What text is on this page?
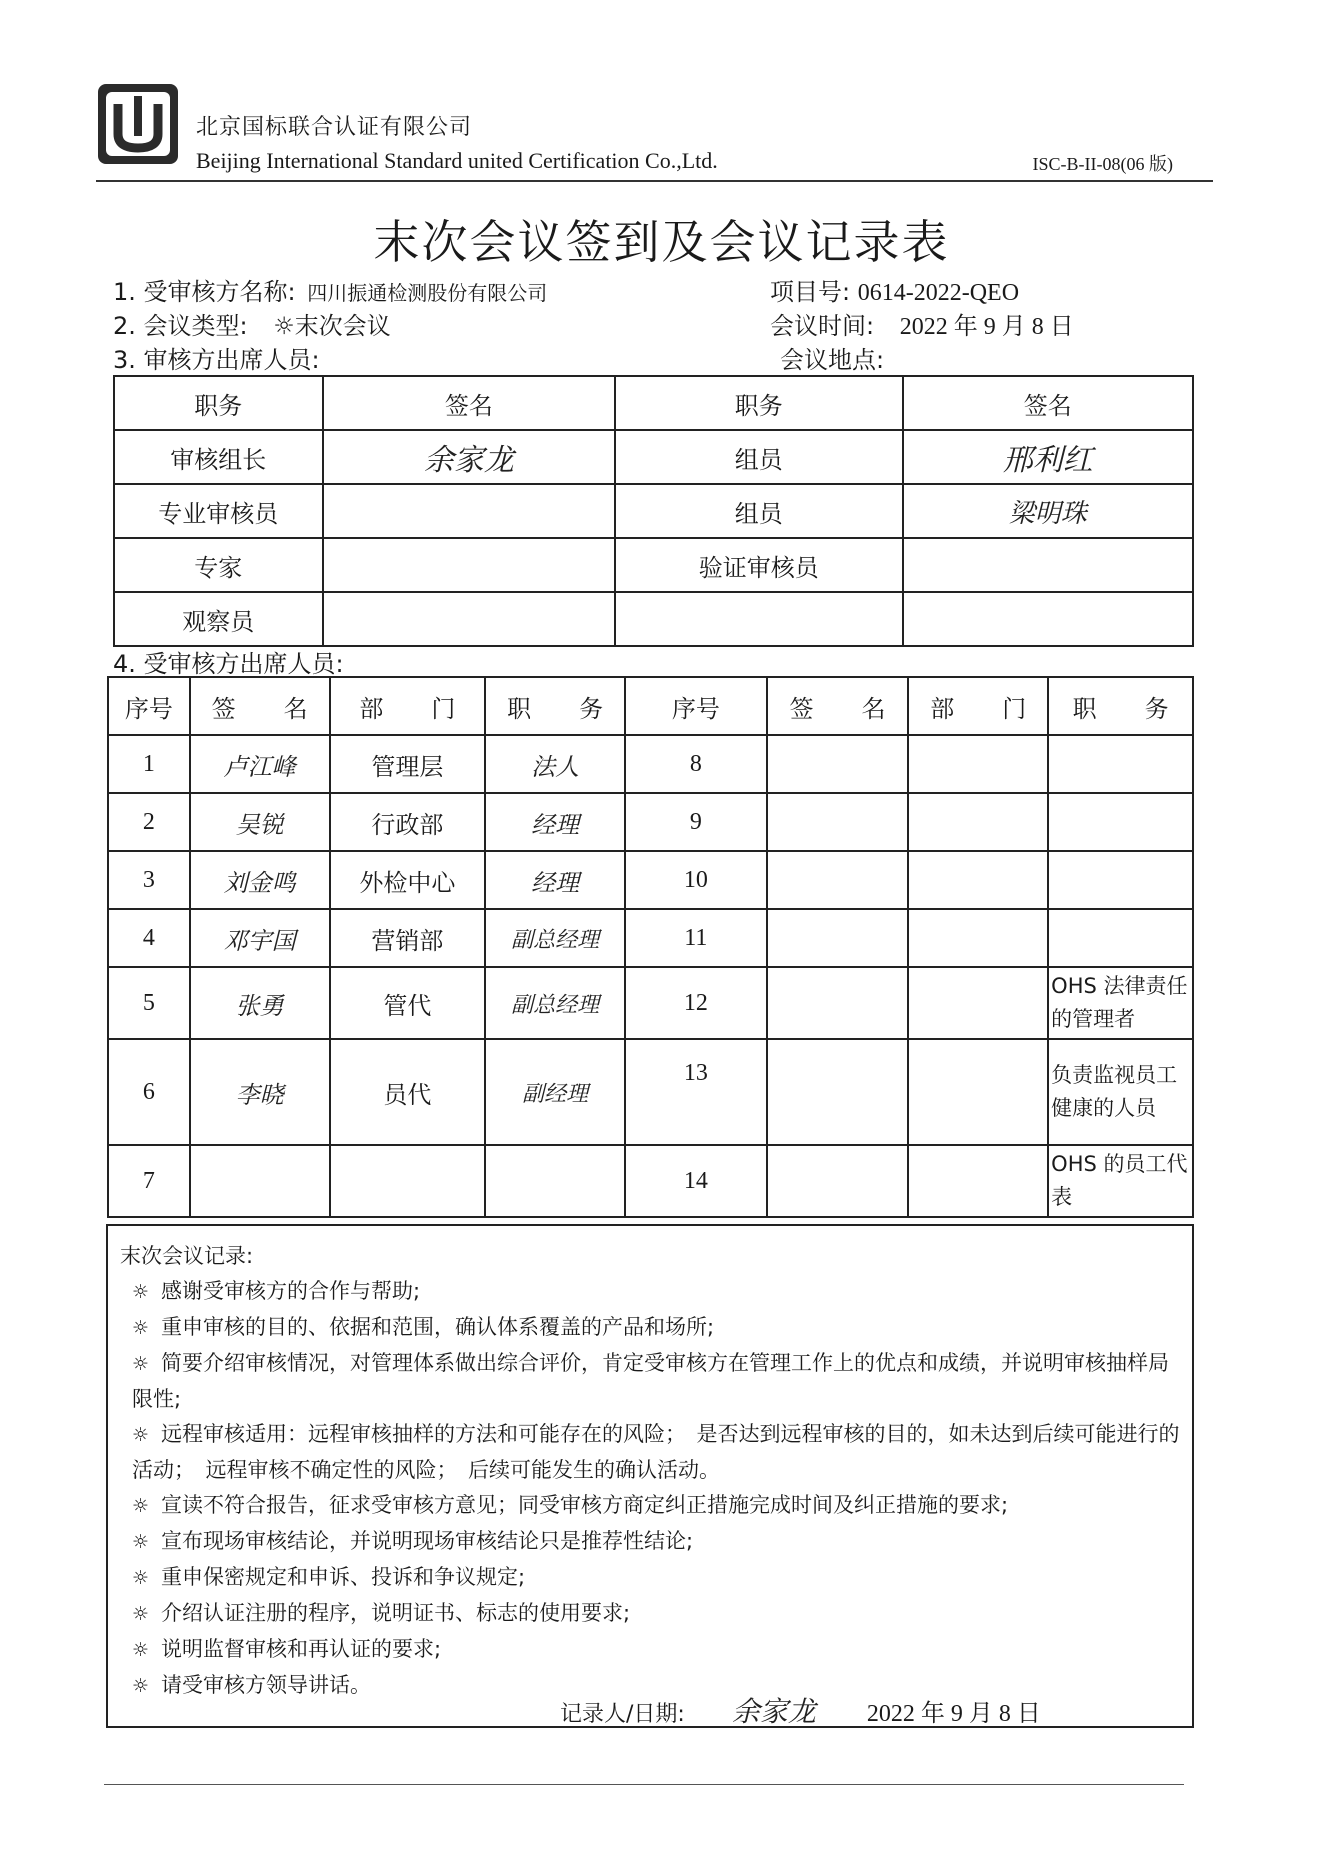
北京国标联合认证有限公司
Beijing International Standard united Certification Co.,Ltd.	ISC-B-II-08(06 版)
末次会议签到及会议记录表
1. 受审核方名称: 四川振通检测股份有限公司	项目号: 0614-2022-QEO
2. 会议类型: ☼末次会议	会议时间: 2022 年 9 月 8 日
3. 审核方出席人员:	会议地点:
职务	签名	职务	签名
审核组长	余家龙	组员	邢利红
专业审核员		组员	梁明珠
专家		验证审核员	
观察员			
4. 受审核方出席人员:
序号	签　　名	部　　门	职　　务	序号	签　　名	部　　门	职　　务
1	卢江峰	管理层	法人	8			
2	吴锐	行政部	经理	9			
3	刘金鸣	外检中心	经理	10			
4	邓宇国	营销部	副总经理	11			
5	张勇	管代	副总经理	12			OHS 法律责任的管理者
6	李晓	员代	副经理	13			负责监视员工健康的人员
7				14			OHS 的员工代表
末次会议记录:
☼ 感谢受审核方的合作与帮助;
☼ 重申审核的目的、依据和范围，确认体系覆盖的产品和场所;
☼ 简要介绍审核情况，对管理体系做出综合评价，肯定受审核方在管理工作上的优点和成绩，并说明审核抽样局限性;
☼ 远程审核适用：远程审核抽样的方法和可能存在的风险；　是否达到远程审核的目的，如未达到后续可能进行的活动；　远程审核不确定性的风险；　后续可能发生的确认活动。
☼ 宣读不符合报告，征求受审核方意见；同受审核方商定纠正措施完成时间及纠正措施的要求;
☼ 宣布现场审核结论，并说明现场审核结论只是推荐性结论;
☼ 重申保密规定和申诉、投诉和争议规定;
☼ 介绍认证注册的程序，说明证书、标志的使用要求;
☼ 说明监督审核和再认证的要求;
☼ 请受审核方领导讲话。
记录人/日期: 余家龙 2022 年 9 月 8 日
